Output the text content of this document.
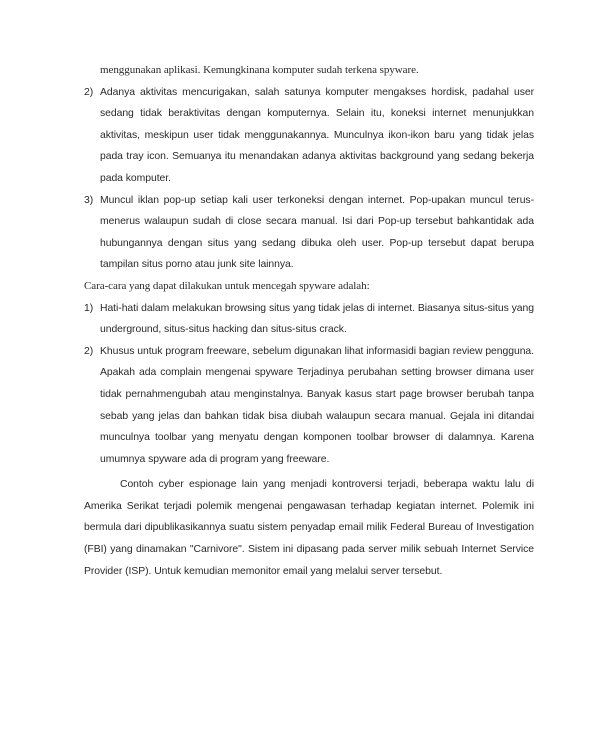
menggunakan aplikasi. Kemungkinana komputer sudah terkena spyware.
2) Adanya aktivitas mencurigakan, salah satunya komputer mengakses hordisk, padahal user sedang tidak beraktivitas dengan komputernya. Selain itu, koneksi internet menunjukkan aktivitas, meskipun user tidak menggunakannya. Munculnya ikon-ikon baru yang tidak jelas pada tray icon. Semuanya itu menandakan adanya aktivitas background yang sedang bekerja pada komputer.
3) Muncul iklan pop-up setiap kali user terkoneksi dengan internet. Pop-upakan muncul terus-menerus walaupun sudah di close secara manual. Isi dari Pop-up tersebut bahkantidak ada hubungannya dengan situs yang sedang dibuka oleh user. Pop-up tersebut dapat berupa tampilan situs porno atau junk site lainnya.
Cara-cara yang dapat dilakukan untuk mencegah spyware adalah:
1) Hati-hati dalam melakukan browsing situs yang tidak jelas di internet. Biasanya situs-situs yang underground, situs-situs hacking dan situs-situs crack.
2) Khusus untuk program freeware, sebelum digunakan lihat informasidi bagian review pengguna. Apakah ada complain mengenai spyware Terjadinya perubahan setting browser dimana user tidak pernahmengubah atau menginstalnya. Banyak kasus start page browser berubah tanpa sebab yang jelas dan bahkan tidak bisa diubah walaupun secara manual. Gejala ini ditandai munculnya toolbar yang menyatu dengan komponen toolbar browser di dalamnya. Karena umumnya spyware ada di program yang freeware.
Contoh cyber espionage lain yang menjadi kontroversi terjadi, beberapa waktu lalu di Amerika Serikat terjadi polemik mengenai pengawasan terhadap kegiatan internet. Polemik ini bermula dari dipublikasikannya suatu sistem penyadap email milik Federal Bureau of Investigation (FBI) yang dinamakan "Carnivore". Sistem ini dipasang pada server milik sebuah Internet Service Provider (ISP). Untuk kemudian memonitor email yang melalui server tersebut.
